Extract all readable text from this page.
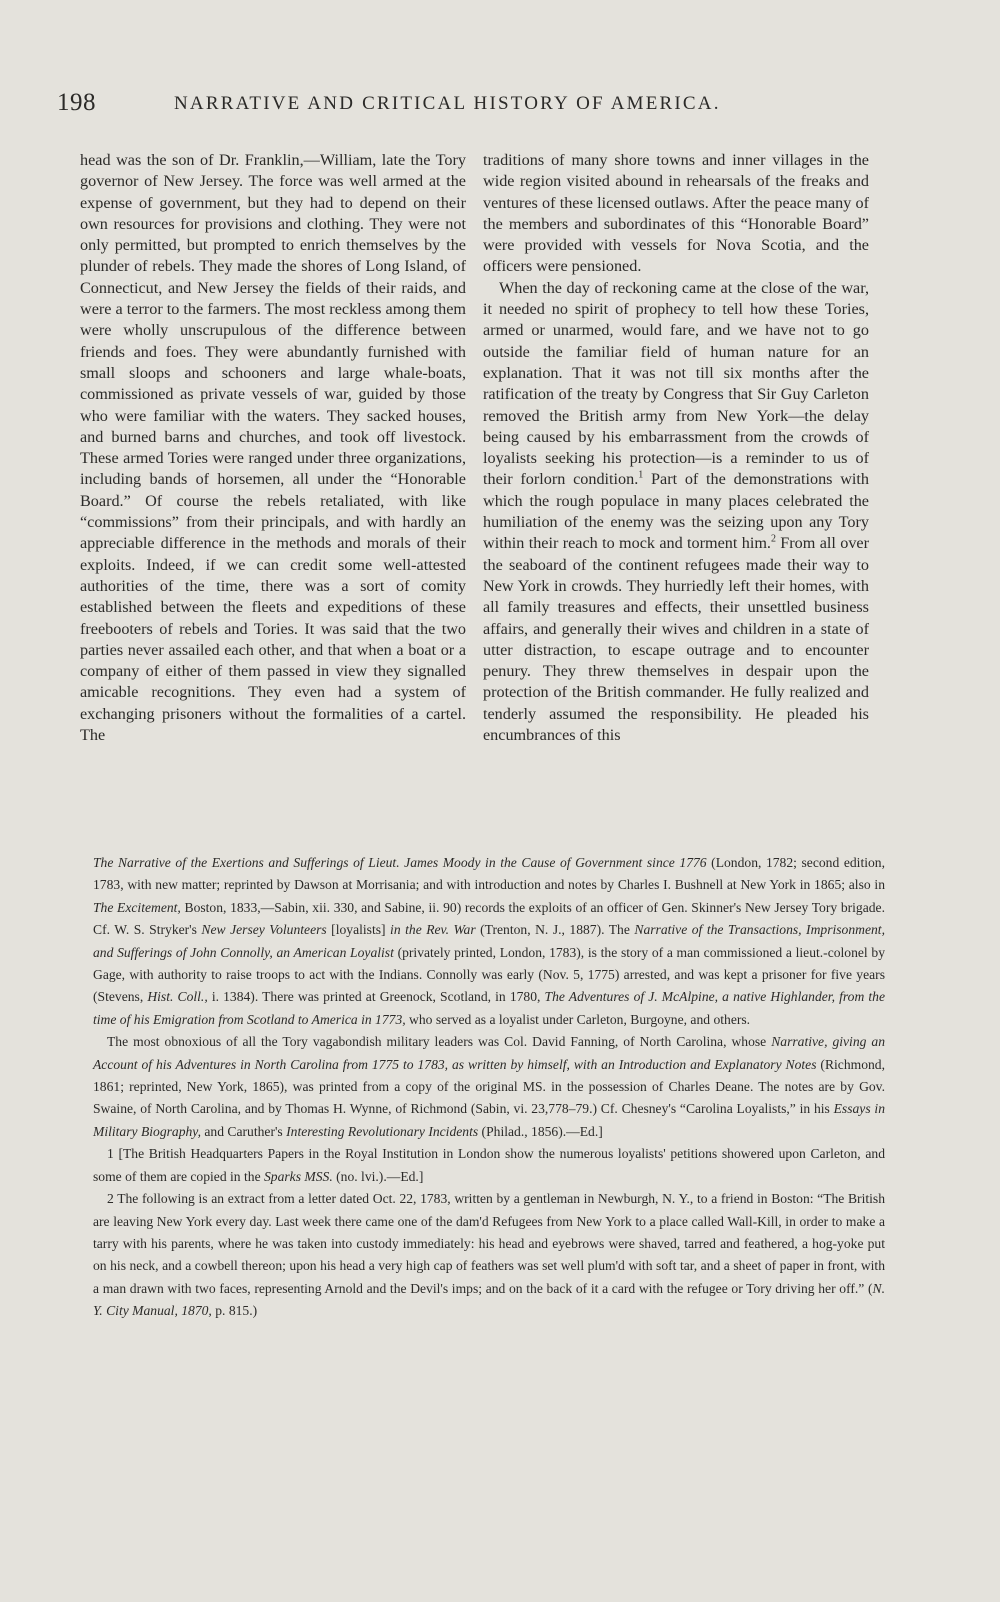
198	NARRATIVE AND CRITICAL HISTORY OF AMERICA.

head was the son of Dr. Franklin,—William, late the Tory governor of New Jersey. The force was well armed at the expense of government, but they had to depend on their own resources for provisions and clothing. They were not only permitted, but prompted to enrich themselves by the plunder of rebels. They made the shores of Long Island, of Connecticut, and New Jersey the fields of their raids, and were a terror to the farmers. The most reckless among them were wholly unscrupulous of the difference between friends and foes. They were abundantly furnished with small sloops and schooners and large whale-boats, commissioned as private vessels of war, guided by those who were familiar with the waters. They sacked houses, and burned barns and churches, and took off livestock. These armed Tories were ranged under three organizations, including bands of horsemen, all under the “Honorable Board.” Of course the rebels retaliated, with like “commissions” from their principals, and with hardly an appreciable difference in the methods and morals of their exploits. Indeed, if we can credit some well-attested authorities of the time, there was a sort of comity established between the fleets and expeditions of these freebooters of rebels and Tories. It was said that the two parties never assailed each other, and that when a boat or a company of either of them passed in view they signalled amicable recognitions. They even had a system of exchanging prisoners without the formalities of a cartel. The

traditions of many shore towns and inner villages in the wide region visited abound in rehearsals of the freaks and ventures of these licensed outlaws. After the peace many of the members and subordinates of this “Honorable Board” were provided with vessels for Nova Scotia, and the officers were pensioned.

When the day of reckoning came at the close of the war, it needed no spirit of prophecy to tell how these Tories, armed or unarmed, would fare, and we have not to go outside the familiar field of human nature for an explanation. That it was not till six months after the ratification of the treaty by Congress that Sir Guy Carleton removed the British army from New York—the delay being caused by his embarrassment from the crowds of loyalists seeking his protection—is a reminder to us of their forlorn condition.$^1$ Part of the demonstrations with which the rough populace in many places celebrated the humiliation of the enemy was the seizing upon any Tory within their reach to mock and torment him.$^2$ From all over the seaboard of the continent refugees made their way to New York in crowds. They hurriedly left their homes, with all family treasures and effects, their unsettled business affairs, and generally their wives and children in a state of utter distraction, to escape outrage and to encounter penury. They threw themselves in despair upon the protection of the British commander. He fully realized and tenderly assumed the responsibility. He pleaded his encumbrances of this

The Narrative of the Exertions and Sufferings of Lieut. James Moody in the Cause of Government since 1776 (London, 1782; second edition, 1783, with new matter; reprinted by Dawson at Morrisania; and with introduction and notes by Charles I. Bushnell at New York in 1865; also in The Excitement, Boston, 1833,—Sabin, xii. 330, and Sabine, ii. 90) records the exploits of an officer of Gen. Skinner's New Jersey Tory brigade. Cf. W. S. Stryker's New Jersey Volunteers [loyalists] in the Rev. War (Trenton, N. J., 1887). The Narrative of the Transactions, Imprisonment, and Sufferings of John Connolly, an American Loyalist (privately printed, London, 1783), is the story of a man commissioned a lieut.-colonel by Gage, with authority to raise troops to act with the Indians. Connolly was early (Nov. 5, 1775) arrested, and was kept a prisoner for five years (Stevens, Hist. Coll., i. 1384). There was printed at Greenock, Scotland, in 1780, The Adventures of J. McAlpine, a native Highlander, from the time of his Emigration from Scotland to America in 1773, who served as a loyalist under Carleton, Burgoyne, and others.

The most obnoxious of all the Tory vagabondish military leaders was Col. David Fanning, of North Carolina, whose Narrative, giving an Account of his Adventures in North Carolina from 1775 to 1783, as written by himself, with an Introduction and Explanatory Notes (Richmond, 1861; reprinted, New York, 1865), was printed from a copy of the original MS. in the possession of Charles Deane. The notes are by Gov. Swaine, of North Carolina, and by Thomas H. Wynne, of Richmond (Sabin, vi. 23,778–79.) Cf. Chesney's “Carolina Loyalists,” in his Essays in Military Biography, and Caruther's Interesting Revolutionary Incidents (Philad., 1856).—Ed.]

1 [The British Headquarters Papers in the Royal Institution in London show the numerous loyalists' petitions showered upon Carleton, and some of them are copied in the Sparks MSS. (no. lvi.).—Ed.]

2 The following is an extract from a letter dated Oct. 22, 1783, written by a gentleman in Newburgh, N. Y., to a friend in Boston: “The British are leaving New York every day. Last week there came one of the dam'd Refugees from New York to a place called Wall-Kill, in order to make a tarry with his parents, where he was taken into custody immediately: his head and eyebrows were shaved, tarred and feathered, a hog-yoke put on his neck, and a cowbell thereon; upon his head a very high cap of feathers was set well plum'd with soft tar, and a sheet of paper in front, with a man drawn with two faces, representing Arnold and the Devil's imps; and on the back of it a card with the refugee or Tory driving her off.” (N. Y. City Manual, 1870, p. 815.)
